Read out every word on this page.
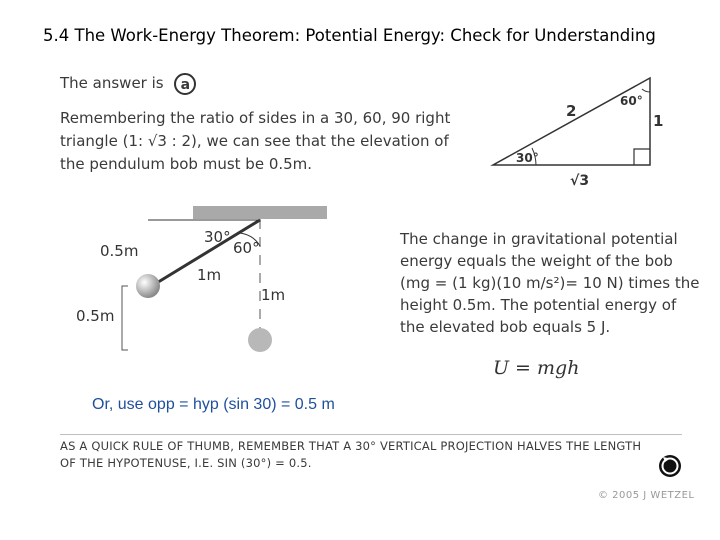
5.4 The Work-Energy Theorem: Potential Energy: Check for Understanding
The answer is a
Remembering the ratio of sides in a 30, 60, 90 right
triangle (1: √3 : 2), we can see that the elevation of
the pendulum bob must be 0.5m.
2
60°
1
30°
√3
30°
60°
0.5m
1m
1m
0.5m
The change in gravitational potential
energy equals the weight of the bob
(mg = (1 kg)(10 m/s²)= 10 N) times the
height 0.5m. The potential energy of
the elevated bob equals 5 J.
U = mgh
Or, use opp = hyp (sin 30) = 0.5 m
AS A QUICK RULE OF THUMB, REMEMBER THAT A 30° VERTICAL PROJECTION HALVES THE LENGTH
OF THE HYPOTENUSE, I.E. SIN (30°) = 0.5.
© 2005 J WETZEL
